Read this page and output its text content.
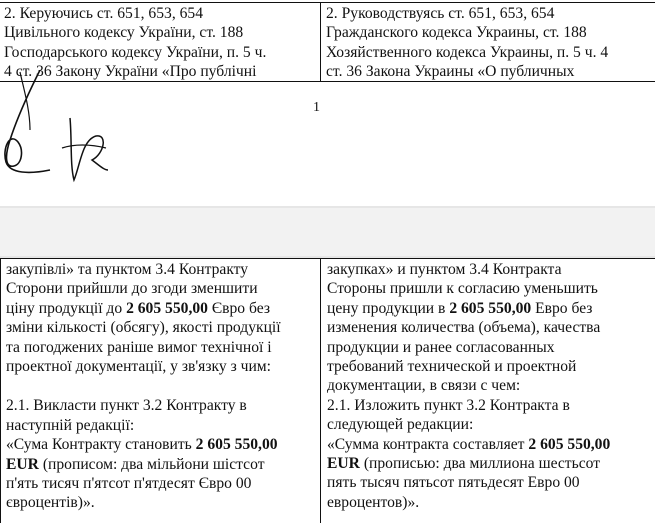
2. Керуючись ст. 651, 653, 654

Цивільного кодексу України, ст. 188

Господарського кодексу України, п. 5 ч.

4 ст. 36 Закону України «Про публічні

2. Руководствуясь ст. 651, 653, 654

Гражданского кодекса Украины, ст. 188

Хозяйственного кодекса Украины, п. 5 ч. 4

ст. 36 Закона Украины «О публичных

1

закупівлі» та пунктом 3.4 Контракту

Сторони прийшли до згоди зменшити

ціну продукції до 2 605 550,00 Євро без

зміни кількості (обсягу), якості продукції

та погоджених раніше вимог технічної і

проектної документації, у зв'язку з чим:

2.1. Викласти пункт 3.2 Контракту в

наступній редакції:

«Сума Контракту становить 2 605 550,00

EUR (прописом: два мільйони шістсот

п'ять тисяч п'ятсот п'ятдесят Євро 00

євроцентів)».

закупках» и пунктом 3.4 Контракта

Стороны пришли к согласию уменьшить

цену продукции в 2 605 550,00 Евро без

изменения количества (объема), качества

продукции и ранее согласованных

требований технической и проектной

документации, в связи с чем:

2.1. Изложить пункт 3.2 Контракта в

следующей редакции:

«Сумма контракта составляет 2 605 550,00

EUR (прописью: два миллиона шестьсот

пять тысяч пятьсот пятьдесят Евро 00

евроцентов)».
